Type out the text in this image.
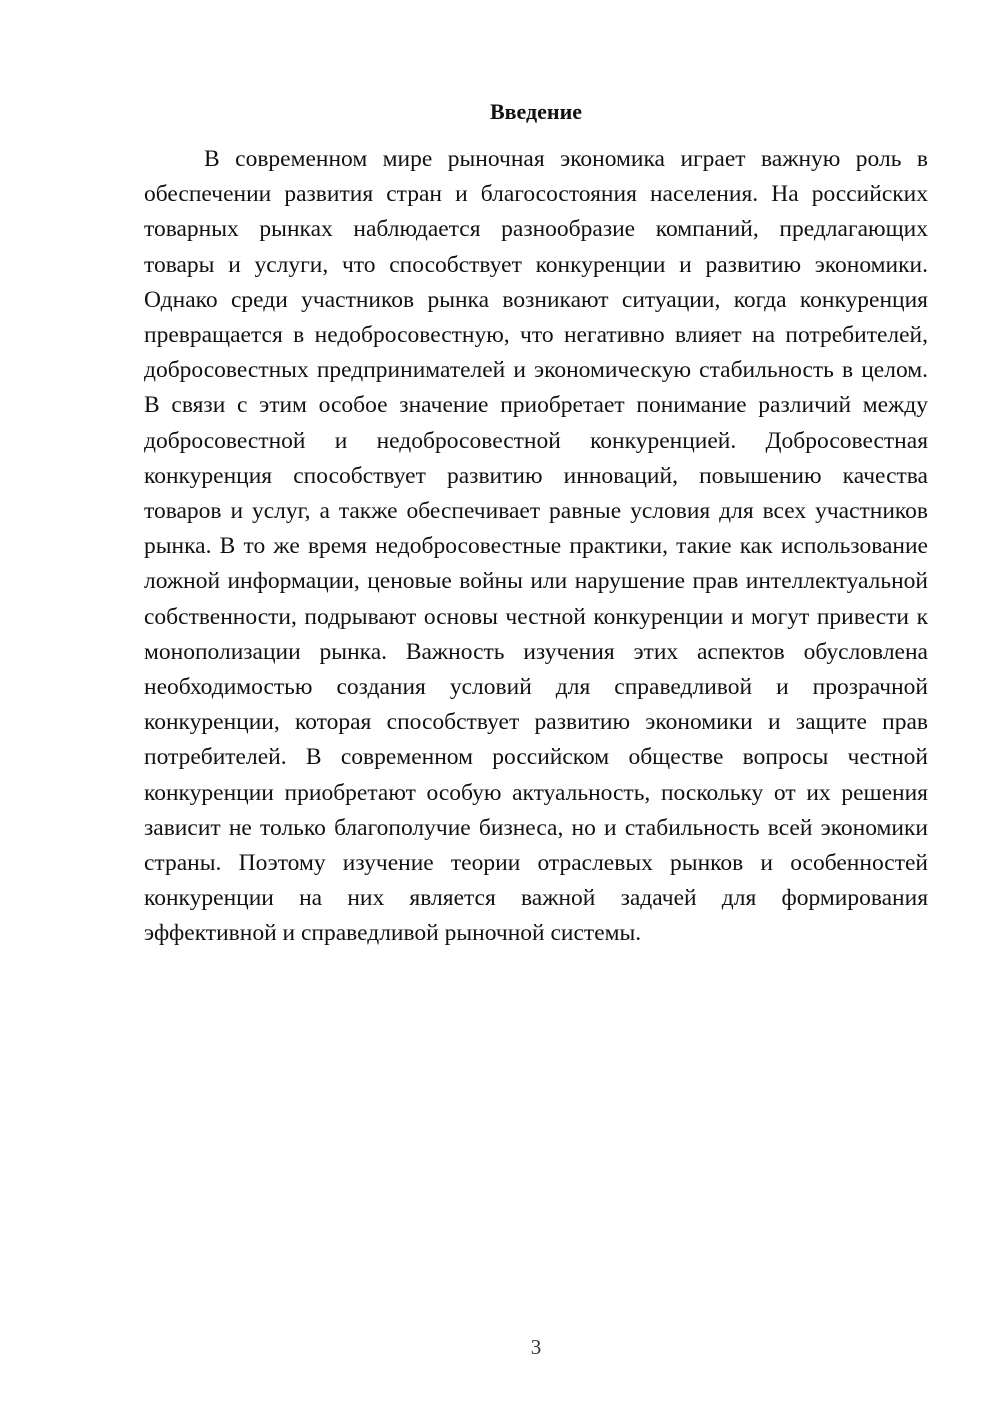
Введение

В современном мире рыночная экономика играет важную роль в обеспечении развития стран и благосостояния населения. На российских товарных рынках наблюдается разнообразие компаний, предлагающих товары и услуги, что способствует конкуренции и развитию экономики. Однако среди участников рынка возникают ситуации, когда конкуренция превращается в недобросовестную, что негативно влияет на потребителей, добросовестных предпринимателей и экономическую стабильность в целом. В связи с этим особое значение приобретает понимание различий между добросовестной и недобросовестной конкуренцией. Добросовестная конкуренция способствует развитию инноваций, повышению качества товаров и услуг, а также обеспечивает равные условия для всех участников рынка. В то же время недобросовестные практики, такие как использование ложной информации, ценовые войны или нарушение прав интеллектуальной собственности, подрывают основы честной конкуренции и могут привести к монополизации рынка. Важность изучения этих аспектов обусловлена необходимостью создания условий для справедливой и прозрачной конкуренции, которая способствует развитию экономики и защите прав потребителей. В современном российском обществе вопросы честной конкуренции приобретают особую актуальность, поскольку от их решения зависит не только благополучие бизнеса, но и стабильность всей экономики страны. Поэтому изучение теории отраслевых рынков и особенностей конкуренции на них является важной задачей для формирования эффективной и справедливой рыночной системы.

3
